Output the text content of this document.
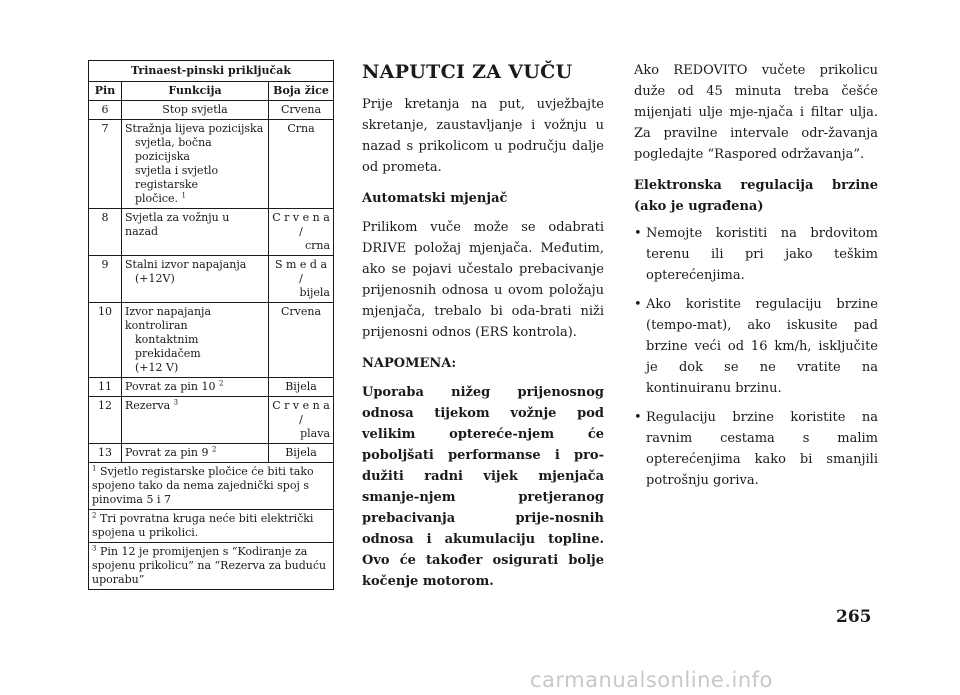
Trinaest-pinski priključak		
Pin	Funkcija	Boja žice
6	Stop svjetla	Crvena

7	Stražnja lijeva pozicijska
svjetla, bočna pozicijska
svjetla i svjetlo registarske
pločice. $^1$	Crna

8	Svjetla za vožnju u nazad	C r v e n a /
crna

9	Stalni izvor napajanja
(+12V)	S m e d a /
bijela

10	Izvor napajanja kontroliran
kontaktnim prekidačem
(+12 V)	Crvena

11	Povrat za pin 10 $^2$	Bijela

12	Rezerva $^3$	C r v e n a /
plava

13	Povrat za pin 9 $^2$	Bijela

$^1$ Svjetlo registarske pločice će biti tako spojeno tako da nema zajednički spoj s pinovima 5 i 7		
$^2$ Tri povratna kruga neće biti električki spojena u prikolici.		
$^3$ Pin 12 je promijenjen s “Kodiranje za spojenu prikolicu” na “Rezerva za buduću uporabu”		
NAPUTCI ZA VUČU

Prije kretanja na put, uvježbajte skretanje, zaustavljanje i vožnju u nazad s prikolicom u području dalje od prometa.

Automatski mjenjač

Prilikom vuče može se odabrati DRIVE položaj mjenjača. Međutim, ako se pojavi učestalo prebacivanje prijenosnih odnosa u ovom položaju mjenjača, trebalo bi oda-brati niži prijenosni odnos (ERS kontrola).

NAPOMENA:

Uporaba nižeg prijenosnog odnosa tijekom vožnje pod velikim optereće-njem će poboljšati performanse i pro-dužiti radni vijek mjenjača smanje-njem pretjeranog prebacivanja prije-nosnih odnosa i akumulaciju topline. Ovo će također osigurati bolje kočenje motorom.

Ako REDOVITO vučete prikolicu duže od 45 minuta treba češće mijenjati ulje mje-njača i filtar ulja. Za pravilne intervale odr-žavanja pogledajte “Raspored održavanja”.

Elektronska regulacija brzine (ako je ugrađena)

• Nemojte koristiti na brdovitom terenu ili pri jako teškim opterećenjima.
• Ako koristite regulaciju brzine (tempo-mat), ako iskusite pad brzine veći od 16 km/h, isključite je dok se ne vratite na kontinuiranu brzinu.
• Regulaciju brzine koristite na ravnim cestama s malim opterećenjima kako bi smanjili potrošnju goriva.
265
carmanualsonline.info
